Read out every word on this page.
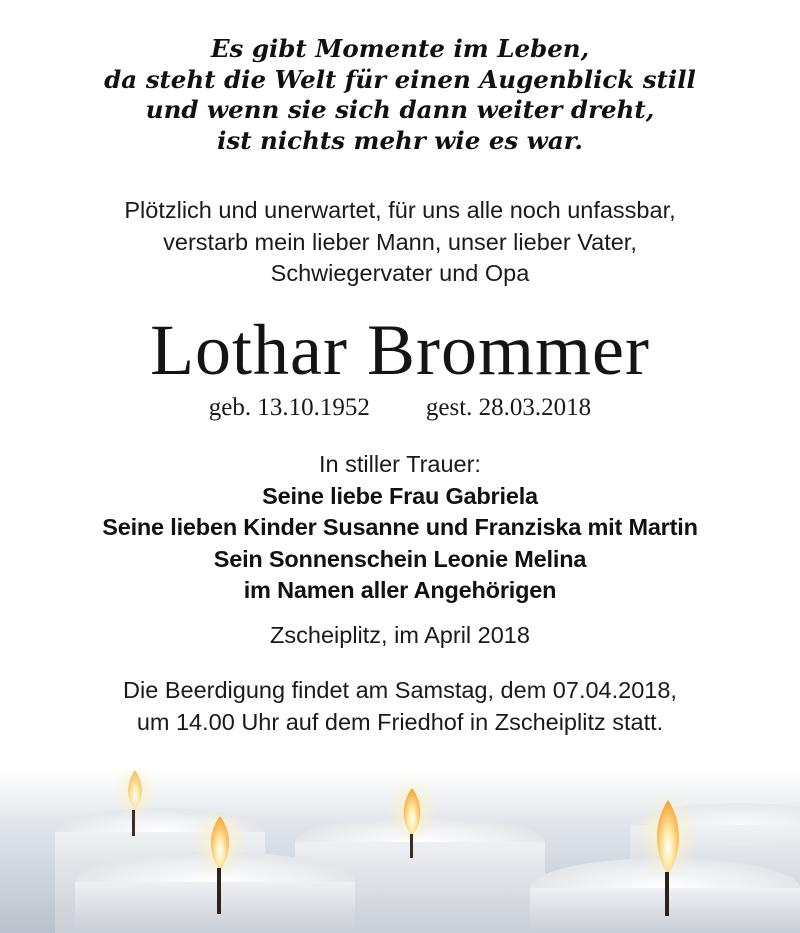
Es gibt Momente im Leben,
da steht die Welt für einen Augenblick still
und wenn sie sich dann weiter dreht,
ist nichts mehr wie es war.
Plötzlich und unerwartet, für uns alle noch unfassbar,
verstarb mein lieber Mann, unser lieber Vater,
Schwiegervater und Opa
Lothar Brommer
geb. 13.10.1952 gest. 28.03.2018
In stiller Trauer:
Seine liebe Frau Gabriela
Seine lieben Kinder Susanne und Franziska mit Martin
Sein Sonnenschein Leonie Melina
im Namen aller Angehörigen
Zscheiplitz, im April 2018
Die Beerdigung findet am Samstag, dem 07.04.2018,
um 14.00 Uhr auf dem Friedhof in Zscheiplitz statt.
